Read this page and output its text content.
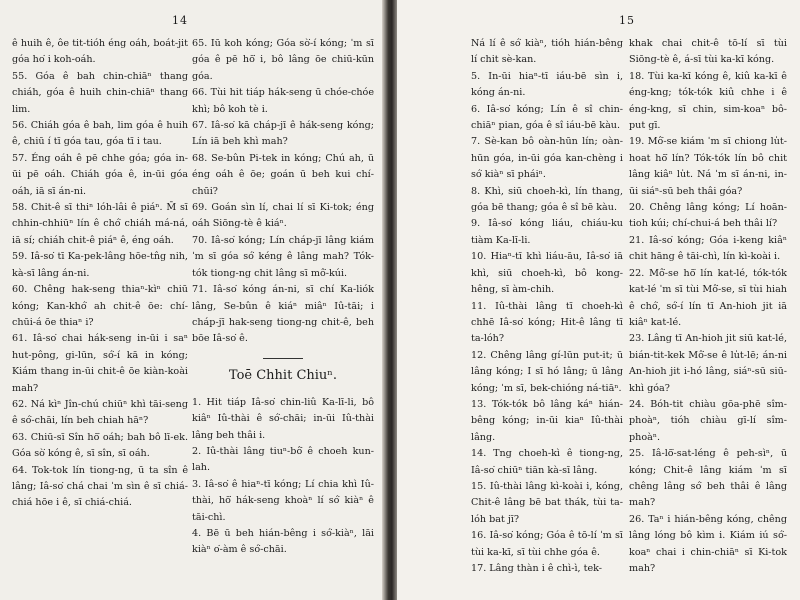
14

ê huih ê, ôe tit-tióh éng oáh, boát-jit góa ho͘ i koh-oáh.

55. Góa ê bah chin-chiāⁿ thang chiáh, góa ê huih chin-chiāⁿ thang lim.

56. Chiáh góa ê bah, lim góa ê huih ê, chiū í tī góa tau, góa tī i tau.

57. Éng oáh ê pē chhe góa; góa in-ūi pē oáh. Chiáh góa ê, in-ūi góa oáh, iā sī án-ni.

58. Chit-ê sī thiⁿ lóh-lâi ê piáⁿ. M̄ sī chhin-chhiūⁿ lín ê chó͘ chiáh má-ná, iā sí; chiáh chit-ê piáⁿ ê, éng oáh.

59. Iâ-so͘ tī Ka-pek-lâng hōe-tn̂g nih, kà-sī lâng án-ni.

60. Chêng hak-seng thiaⁿ-kìⁿ chiū kóng; Kan-khó͘ ah chit-ê ōe: chí-chūi-á ōe thiaⁿ i?

61. Iâ-so͘ chai hák-seng in-ūi i saⁿ hut-pông, gi-lūn, só͘-í kā in kóng; Kiám thang in-ūi chit-ê ōe kiàn-koài mah?

62. Ná kìⁿ Jîn-chú chiūⁿ khì tāi-seng ê só͘-chāi, lín beh chiah hāⁿ?

63. Chiū-sī Sîn hō͘ oáh; bah bô lī-ek. Góa sò͘ kóng ê, sī sîn, sī oáh.

64. Tok-tok lín tiong-ng, ū ta sîn ê lâng; Iâ-so͘ chá chai ˈm sìn ê sī chiá-chiá hōe i ê, sī chiá-chiá.

65. Iū koh kóng; Góa sò͘-í kóng; ˈm sī góa ê pē hō͘ i, bô lâng ōe chiū-kūn góa.

66. Tùi hit tiáp hák-seng ū chóe-chóe khì; bô koh tè i.

67. Iâ-so͘ kā cháp-jī ê hák-seng kóng; Lín iā beh khì mah?

68. Se-bûn Pi-tek in kóng; Chú ah, ū éng oáh ê ōe; goán ū beh kui chí-chūi?

69. Goán sìn lí, chai lí sī Ki-tok; éng oáh Siōng-tè ê kiáⁿ.

70. Iâ-so͘ kóng; Lín cháp-jī lâng kiám ˈm sī góa só͘ kéng ê lâng mah? Tók-tók tiong-ng chit lâng sī mô͘-kúi.

71. Iâ-so͘ kóng án-ni, sī chí Ka-liók lâng, Se-bûn ê kiáⁿ miâⁿ Iû-tāi; i cháp-jī hak-seng tiong-ng chit-ê, beh bōe Iâ-so͘ ê.

Toē Chhit Chiuⁿ.

1. Hit tiáp Iâ-so͘ chin-liû Ka-lī-li, bô kiâⁿ Iû-thài ê só͘-chāi; in-ūi Iû-thài lâng beh thâi i.

2. Iû-thài lâng tiuⁿ-bô͘ ê choeh kun-lah.

3. Iâ-so͘ ê hiaⁿ-tī kóng; Lí chia khì Iû-thài, hō͘ hák-seng khoàⁿ lí só͘ kiàⁿ ê tāi-chì.

4. Bē ū beh hián-bêng i só͘-kiàⁿ, lāi kiàⁿ o͘-àm ê só͘-chāi.

15

Ná lí ê só͘ kiàⁿ, tióh hián-bêng lí chit sè-kan.

5. In-ūi hiaⁿ-tī iáu-bē sìn i, kóng án-ni.

6. Iâ-so͘ kóng; Lín ê sî chin-chiāⁿ pian, góa ê sî iáu-bē kàu.

7. Sè-kan bô oàn-hūn lín; oàn-hūn góa, in-ūi góa kan-chèng i só͘ kiàⁿ sī pháiⁿ.

8. Khì, siū choeh-kì, lín thang, góa bē thang; góa ê sî bē kàu.

9. Iâ-so͘ kóng liáu, chiáu-ku tiàm Ka-lī-li.

10. Hiaⁿ-tī khì liáu-āu, Iâ-so͘ iā khì, siū choeh-kì, bô kong-hêng, sī àm-chih.

11. Iû-thài lâng tī choeh-kì chhē Iâ-so͘ kóng; Hit-ê lâng tī ta-lóh?

12. Chêng lâng gí-lūn put-it; ū lâng kóng; I sī hó lâng; ū lâng kóng; ˈm sī, bek-chióng ná-tiāⁿ.

13. Tók-tók bô lâng káⁿ hián-bêng kóng; in-ūi kiaⁿ Iû-thài lâng.

14. Tng choeh-kì ê tiong-ng, Iâ-so͘ chiūⁿ tiān kà-sī lâng.

15. Iû-thài lâng kì-koài i, kóng, Chit-ê lâng bē bat thák, tùi ta-lóh bat jī?

16. Iâ-so͘ kóng; Góa ê tō-lí ˈm sī tùi ka-kī, sī tùi chhe góa ê.

17. Lâng thàn i ê chì-ì, tek-

khak chai chit-ê tō-lí sī tùi Siōng-tè ê, á-sī tùi ka-kī kóng.

18. Tùi ka-kī kóng ê, kiû ka-kī ê éng-kng; tók-tók kiû chhe i ê éng-kng, sī chin, sim-koaⁿ bô-put gī.

19. Mô͘-se kiám ˈm sī chiong lu̍t-hoat hō͘ lín? Tók-tók lín bô chit lâng kiâⁿ lu̍t. Ná ˈm sī án-ni, in-ūi siáⁿ-sū beh thâi góa?

20. Chêng lâng kóng; Lí hoān-tioh kúi; chí-chui-á beh thâi lí?

21. Iâ-so͘ kóng; Góa i-keng kiâⁿ chit hāng ê tāi-chì, lín kì-koài i.

22. Mô͘-se hō͘ lín kat-lé, tók-tók kat-lé ˈm sī tùi Mô͘-se, sī tùi hiah ê chó͘, só͘-í lín tī An-hioh jit iā kiâⁿ kat-lé.

23. Lâng tī An-hioh jit siū kat-lé, bián-tit-kek Mô͘-se ê lu̍t-lē; án-ni An-hioh jit i-hó lâng, siáⁿ-sū siū-khì góa?

24. Bóh-tit chiàu gōa-phē sîm-phoàⁿ, tióh chiàu gī-lí sîm-phoàⁿ.

25. Iâ-lō͘-sat-léng ê peh-sìⁿ, ū kóng; Chit-ê lâng kiám ˈm sī chêng lâng só͘ beh thâi ê lâng mah?

26. Taⁿ i hián-bêng kóng, chêng lâng lóng bô kìm i. Kiám iú só͘-koaⁿ chai i chin-chiāⁿ sī Ki-tok mah?
